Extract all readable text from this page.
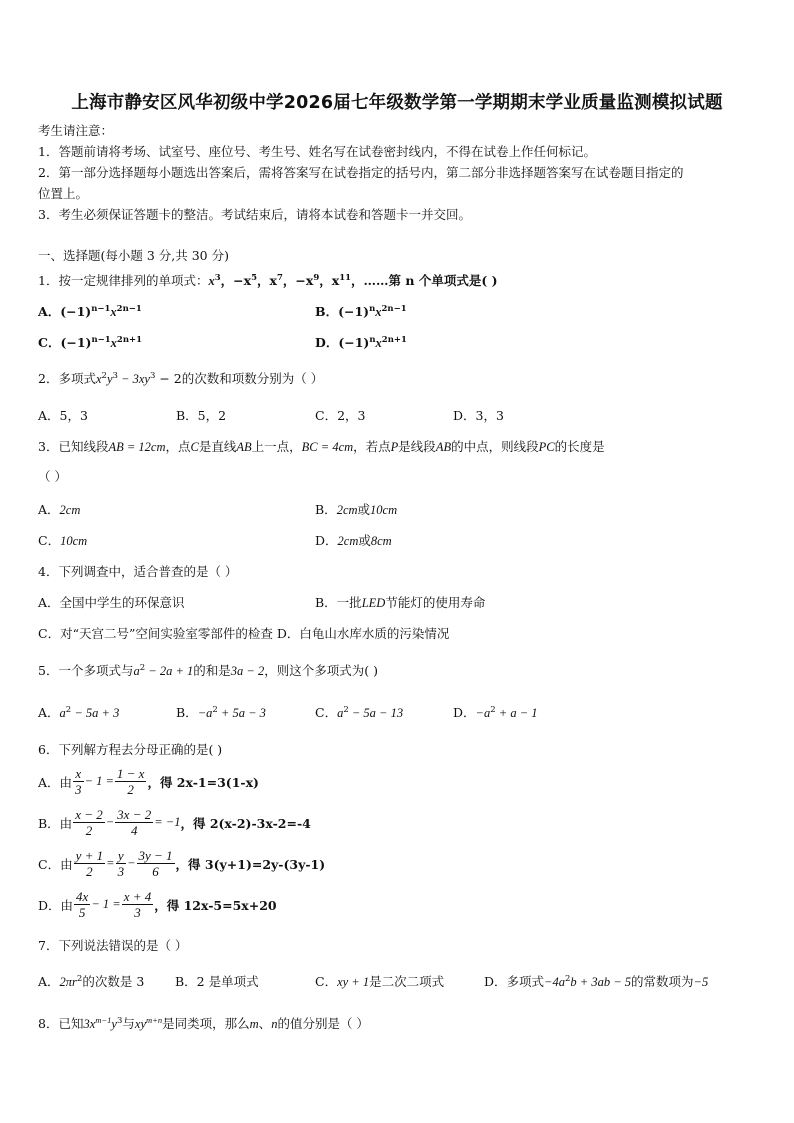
上海市静安区风华初级中学2026届七年级数学第一学期期末学业质量监测模拟试题
考生请注意：
1．答题前请将考场、试室号、座位号、考生号、姓名写在试卷密封线内，不得在试卷上作任何标记。
2．第一部分选择题每小题选出答案后，需将答案写在试卷指定的括号内，第二部分非选择题答案写在试卷题目指定的
位置上。
3．考生必须保证答题卡的整洁。考试结束后，请将本试卷和答题卡一并交回。
一、选择题(每小题 3 分,共 30 分)
1．按一定规律排列的单项式：$x^3$，$-x^5$，$x^7$，$-x^9$，$x^{11}$，……第 n 个单项式是( )
A．$(-1)^{n-1}x^{2n-1}$	B．$(-1)^nx^{2n-1}$
C．$(-1)^{n-1}x^{2n+1}$	D．$(-1)^nx^{2n+1}$
2．多项式$x^2y^3 - 3xy^3 - 2$的次数和项数分别为（ ）
A．5，3	B．5，2	C．2，3	D．3，3
3．已知线段AB = 12cm，点C是直线AB上一点，BC = 4cm，若点P是线段AB的中点，则线段PC的长度是
（ ）
A．2cm	B．2cm或10cm
C．10cm	D．2cm或8cm
4．下列调查中，适合普查的是（ ）
A．全国中学生的环保意识	B．一批LED节能灯的使用寿命
C．对“天宫二号”空间实验室零部件的检查 D．白龟山水库水质的污染情况
5．一个多项式与$a^2 - 2a + 1$的和是3a − 2，则这个多项式为( )
A．$a^2 - 5a + 3$	B．$-a^2 + 5a - 3$	C．$a^2 - 5a - 13$	D．$-a^2 + a - 1$
6．下列解方程去分母正确的是( )
A．由 $\frac{x}{3} - 1 = \frac{1 - x}{2}$ ，得 2x-1=3(1-x)
B．由 $\frac{x - 2}{2} - \frac{3x - 2}{4} = -1$，得 2(x-2)-3x-2=-4
C．由 $\frac{y + 1}{2} = \frac{y}{3} - \frac{3y - 1}{6}$ ，得 3(y+1)=2y-(3y-1)
D．由 $\frac{4x}{5} - 1 = \frac{x + 4}{3}$ ，得 12x-5=5x+20
7．下列说法错误的是（ ）
A．$2\pi r^2$的次数是 3 B．2 是单项式	C．xy + 1是二次二项式	D．多项式$-4a^2b + 3ab - 5$的常数项为−5
8．已知$3x^{m-1}y^3$与$xy^{m+n}$是同类项，那么m、n的值分别是（ ）
